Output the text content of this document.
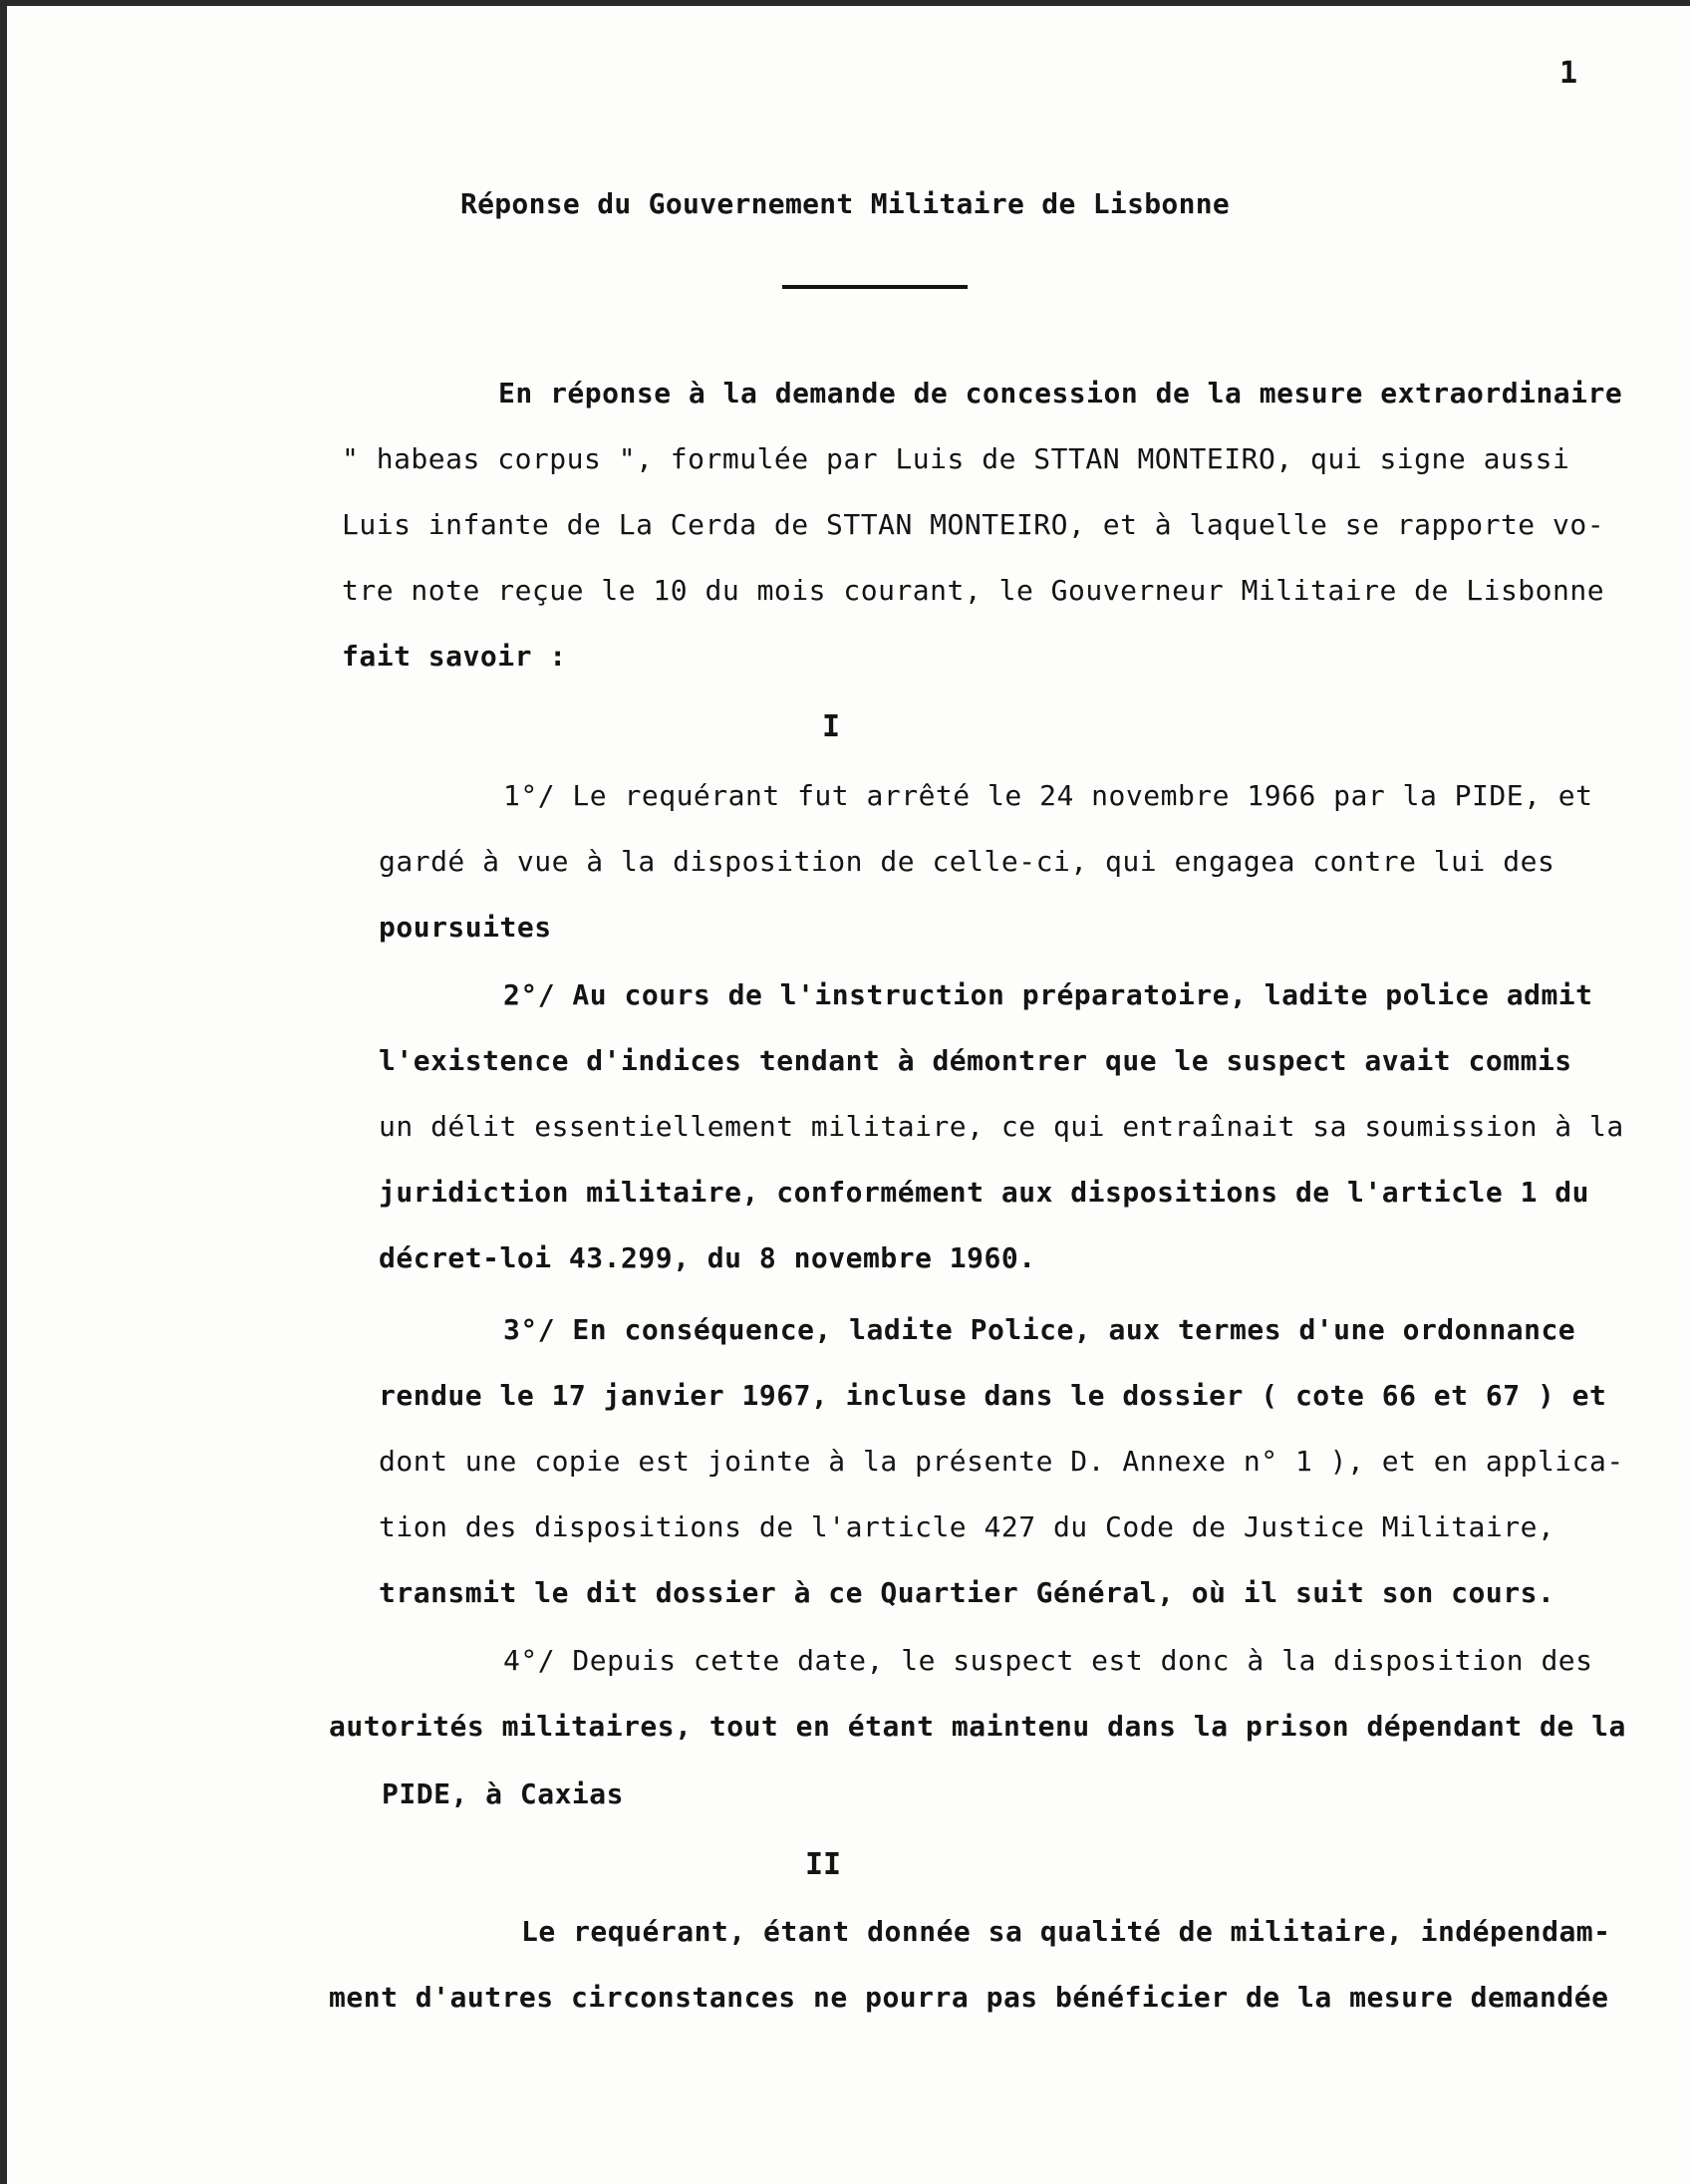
1
Réponse du Gouvernement Militaire de Lisbonne
En réponse à la demande de concession de la mesure extraordinaire
" habeas corpus ", formulée par Luis de STTAN MONTEIRO, qui signe aussi
Luis infante de La Cerda de STTAN MONTEIRO, et à laquelle se rapporte vo-
tre note reçue le 10 du mois courant, le Gouverneur Militaire de Lisbonne
fait savoir :
I
1°/ Le requérant fut arrêté le 24 novembre 1966 par la PIDE, et
gardé à vue à la disposition de celle-ci, qui engagea contre lui des
poursuites
2°/ Au cours de l'instruction préparatoire, ladite police admit
l'existence d'indices tendant à démontrer que le suspect avait commis
un délit essentiellement militaire, ce qui entraînait sa soumission à la
juridiction militaire, conformément aux dispositions de l'article 1 du
décret-loi 43.299, du 8 novembre 1960.
3°/ En conséquence, ladite Police, aux termes d'une ordonnance
rendue le 17 janvier 1967, incluse dans le dossier ( cote 66 et 67 ) et
dont une copie est jointe à la présente D. Annexe n° 1 ), et en applica-
tion des dispositions de l'article 427 du Code de Justice Militaire,
transmit le dit dossier à ce Quartier Général, où il suit son cours.
4°/ Depuis cette date, le suspect est donc à la disposition des
autorités militaires, tout en étant maintenu dans la prison dépendant de la
PIDE, à Caxias
II
Le requérant, étant donnée sa qualité de militaire, indépendam-
ment d'autres circonstances ne pourra pas bénéficier de la mesure demandée
